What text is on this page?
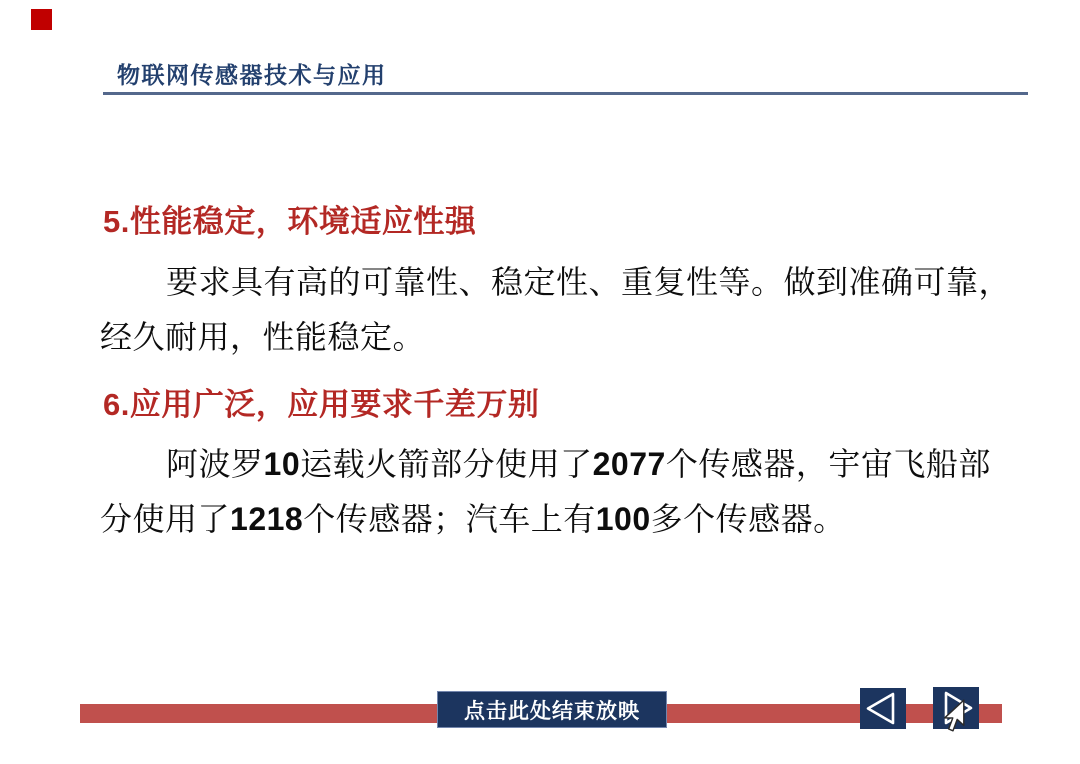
物联网传感器技术与应用
5.性能稳定，环境适应性强
要求具有高的可靠性、稳定性、重复性等。做到准确可靠，
经久耐用，性能稳定。
6.应用广泛，应用要求千差万别
阿波罗10运载火箭部分使用了2077个传感器，宇宙飞船部
分使用了1218个传感器；汽车上有100多个传感器。
点击此处结束放映
